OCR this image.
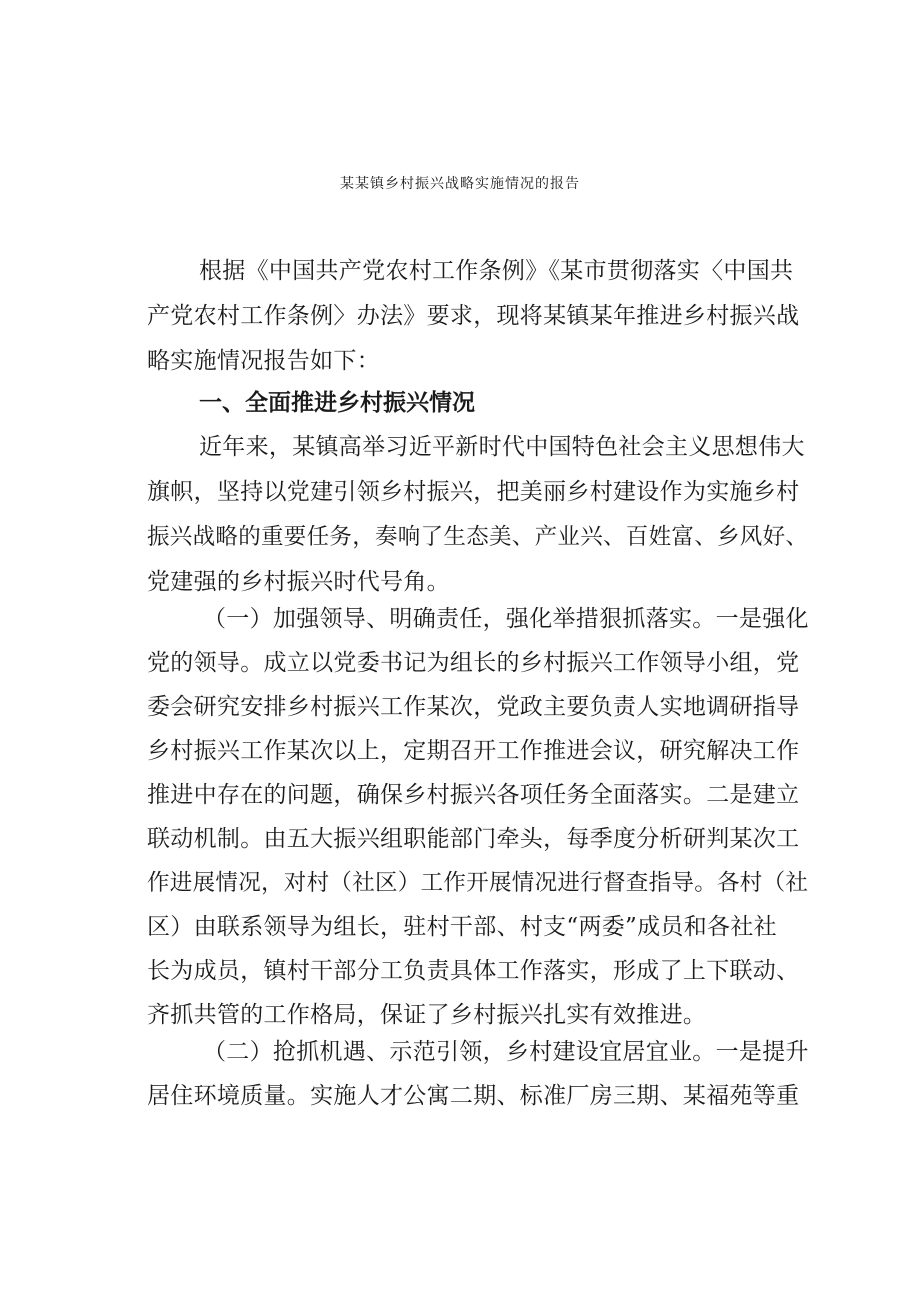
某某镇乡村振兴战略实施情况的报告
根据《中国共产党农村工作条例》《某市贯彻落实〈中国共
产党农村工作条例〉办法》要求，现将某镇某年推进乡村振兴战
略实施情况报告如下：
一、全面推进乡村振兴情况
近年来，某镇高举习近平新时代中国特色社会主义思想伟大
旗帜，坚持以党建引领乡村振兴，把美丽乡村建设作为实施乡村
振兴战略的重要任务，奏响了生态美、产业兴、百姓富、乡风好、
党建强的乡村振兴时代号角。
（一）加强领导、明确责任，强化举措狠抓落实。一是强化
党的领导。成立以党委书记为组长的乡村振兴工作领导小组，党
委会研究安排乡村振兴工作某次，党政主要负责人实地调研指导
乡村振兴工作某次以上，定期召开工作推进会议，研究解决工作
推进中存在的问题，确保乡村振兴各项任务全面落实。二是建立
联动机制。由五大振兴组职能部门牵头，每季度分析研判某次工
作进展情况，对村（社区）工作开展情况进行督查指导。各村（社
区）由联系领导为组长，驻村干部、村支“两委”成员和各社社
长为成员，镇村干部分工负责具体工作落实，形成了上下联动、
齐抓共管的工作格局，保证了乡村振兴扎实有效推进。
（二）抢抓机遇、示范引领，乡村建设宜居宜业。一是提升
居住环境质量。实施人才公寓二期、标准厂房三期、某福苑等重
